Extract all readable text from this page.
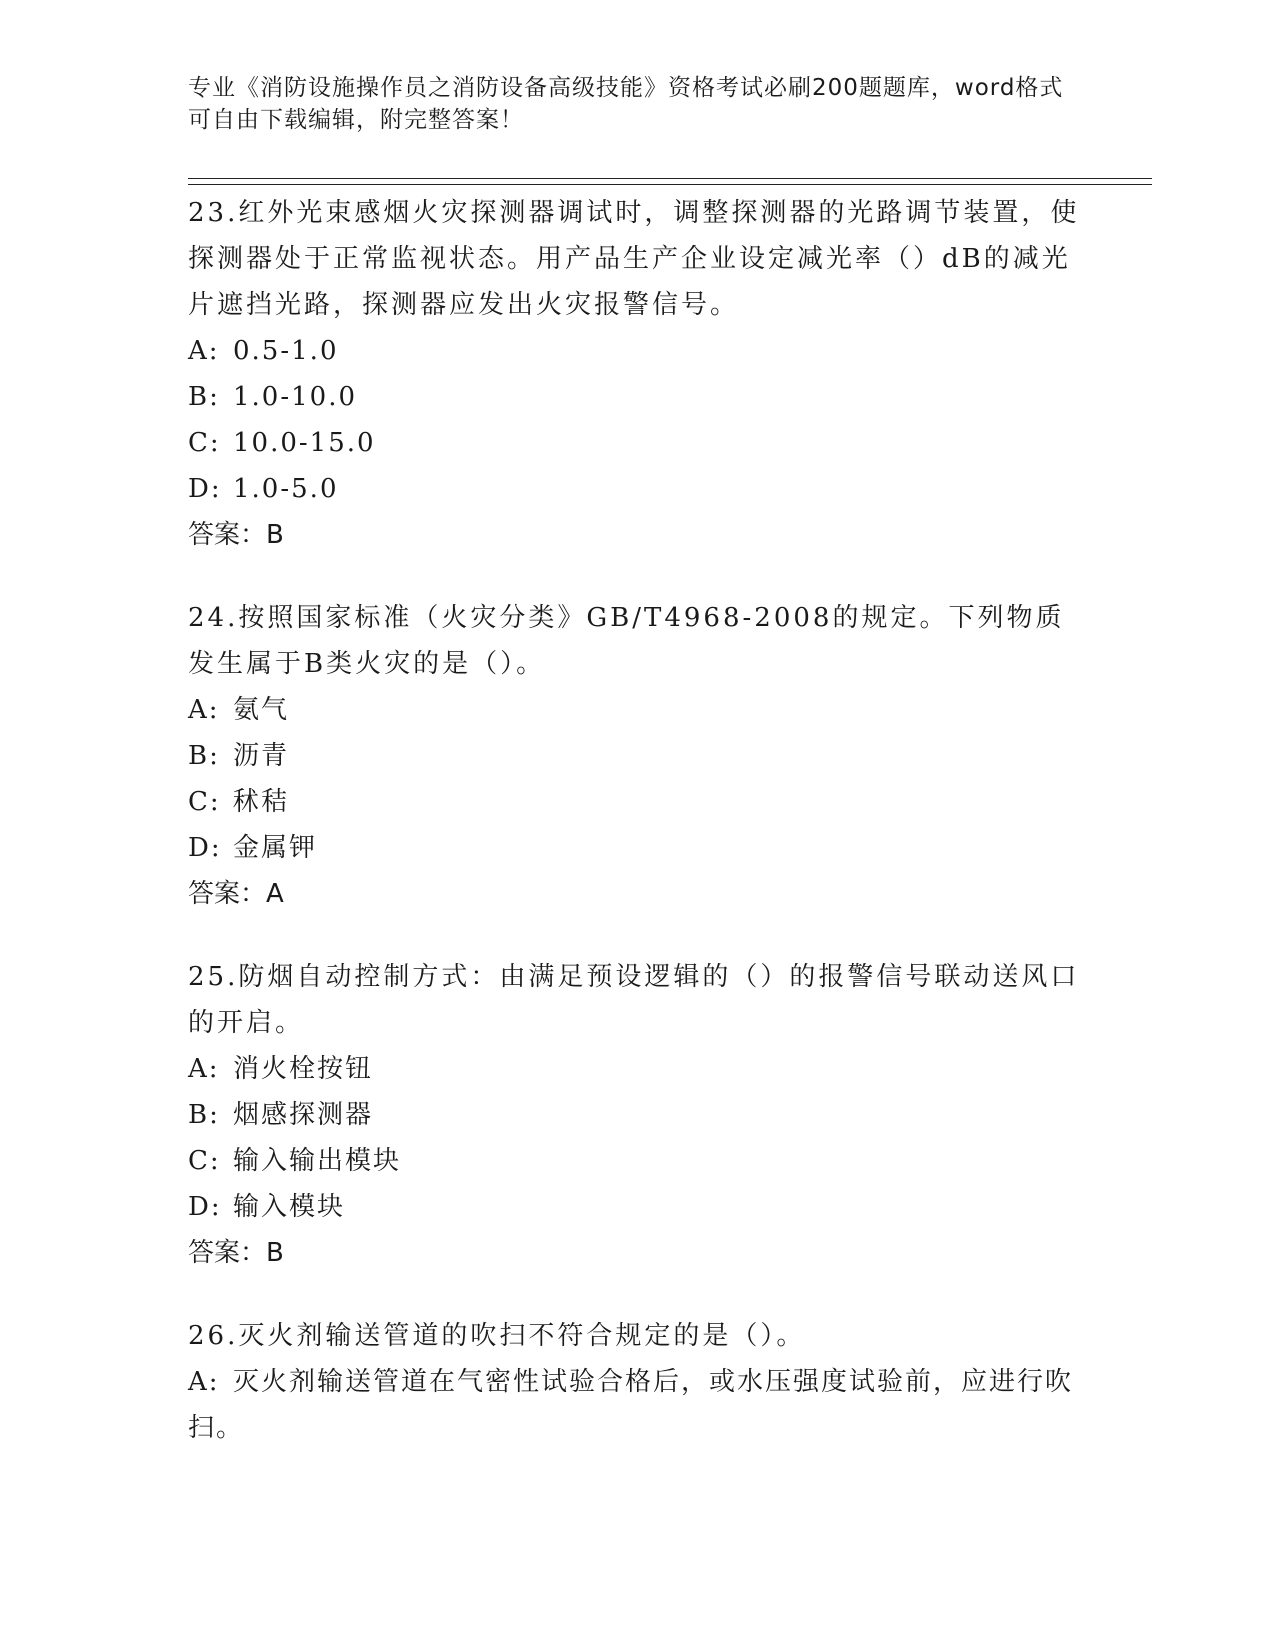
专业《消防设施操作员之消防设备高级技能》资格考试必刷200题题库，word格式可自由下载编辑，附完整答案！

23.红外光束感烟火灾探测器调试时，调整探测器的光路调节装置，使探测器处于正常监视状态。用产品生产企业设定减光率（）dB的减光片遮挡光路，探测器应发出火灾报警信号。

A: 0.5-1.0

B: 1.0-10.0

C: 10.0-15.0

D: 1.0-5.0

答案：B

24.按照国家标准（火灾分类》GB/T4968-2008的规定。下列物质发生属于B类火灾的是（）。

A: 氨气

B: 沥青

C: 秫秸

D: 金属钾

答案：A

25.防烟自动控制方式：由满足预设逻辑的（）的报警信号联动送风口的开启。

A: 消火栓按钮

B: 烟感探测器

C: 输入输出模块

D: 输入模块

答案：B

26.灭火剂输送管道的吹扫不符合规定的是（）。

A: 灭火剂输送管道在气密性试验合格后，或水压强度试验前，应进行吹扫。
